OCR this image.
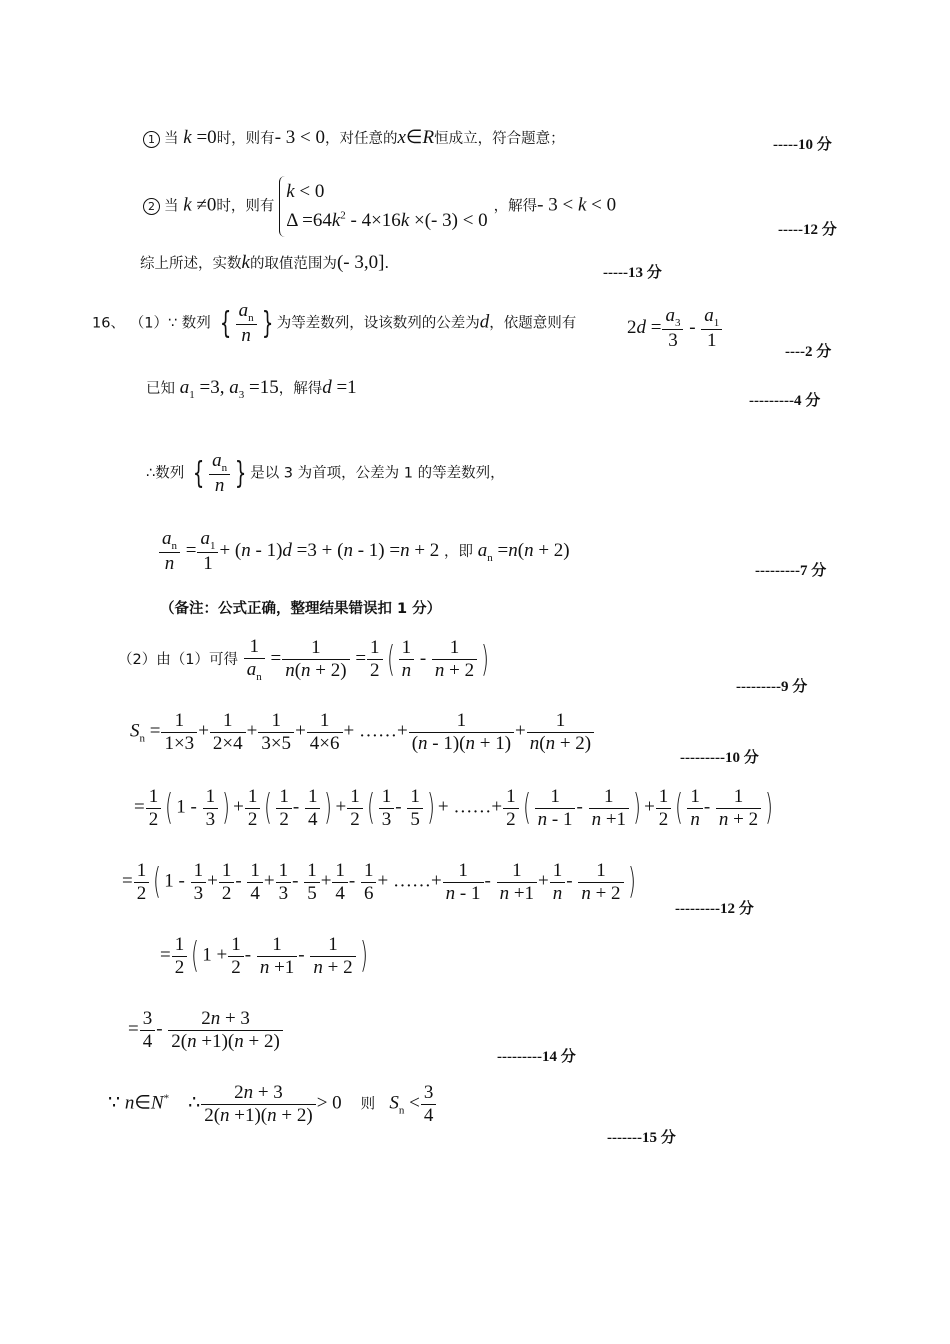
1 当 k =0时，则有- 3 < 0，对任意的x∈R恒成立，符合题意；	-----10 分
2 当 k ≠0时，则有 k < 0
$\Delta =64k^2 - 4\times 16k$ ×(- 3) < 0，解得- 3 < k < 0
-----12 分
综上所述，实数k的取值范围为(- 3,0].
-----13 分
16、 （1）∵ 数列 { $\frac{a_n}{n}$ } 为等差数列，设该数列的公差为d，依题意则有	$2d = \frac{a_3}{3} - \frac{a_1}{1}$	----2 分
已知 $a_1 =3$, $a_3 =15$，解得d =1
---------4 分
∴数列 { $\frac{a_n}{n}$ } 是以 3 为首项，公差为 1 的等差数列，
$\frac{a_n}{n} = \frac{a_1}{1} + (n - 1)d =3 + (n - 1) =n + 2$ ，即 $a_n =n(n + 2)$
---------7 分
（备注：公式正确，整理结果错误扣 1 分）
（2）由（1）可得 $\frac{1}{a_n} = \frac{1}{n(n + 2)} = \frac{1}{2}$ ( $\frac{1}{n} - \frac{1}{n + 2}$ )
---------9 分
$S_n = \frac{1}{1\times 3} + \frac{1}{2\times 4} + \frac{1}{3\times 5} + \frac{1}{4\times 6}$ + ……+ $\frac{1}{(n - 1)(n + 1)} + \frac{1}{n(n + 2)}$
---------10 分
= $\frac{1}{2}$ ( $1 - \frac{1}{3}$ ) + $\frac{1}{2}$ ( $\frac{1}{2} - \frac{1}{4}$ ) + $\frac{1}{2}$ ( $\frac{1}{3} - \frac{1}{5}$ ) + ……+ $\frac{1}{2}$ ( $\frac{1}{n - 1} - \frac{1}{n +1}$ ) + $\frac{1}{2}$ ( $\frac{1}{n} - \frac{1}{n + 2}$ )
= $\frac{1}{2}$ ( $1 - \frac{1}{3} + \frac{1}{2} - \frac{1}{4} + \frac{1}{3} - \frac{1}{5} + \frac{1}{4} - \frac{1}{6}$ + ……+ $\frac{1}{n - 1} - \frac{1}{n +1} + \frac{1}{n} - \frac{1}{n + 2}$ )
---------12 分
= $\frac{1}{2}$ ( $1 + \frac{1}{2} - \frac{1}{n +1} - \frac{1}{n + 2}$ )
= $\frac{3}{4} - \frac{2n + 3}{2(n +1)(n + 2)}$
---------14 分
∵ n∈N*    ∴ $\frac{2n + 3}{2(n +1)(n + 2)} > 0$    则 $S_n < \frac{3}{4}$
-------15 分
